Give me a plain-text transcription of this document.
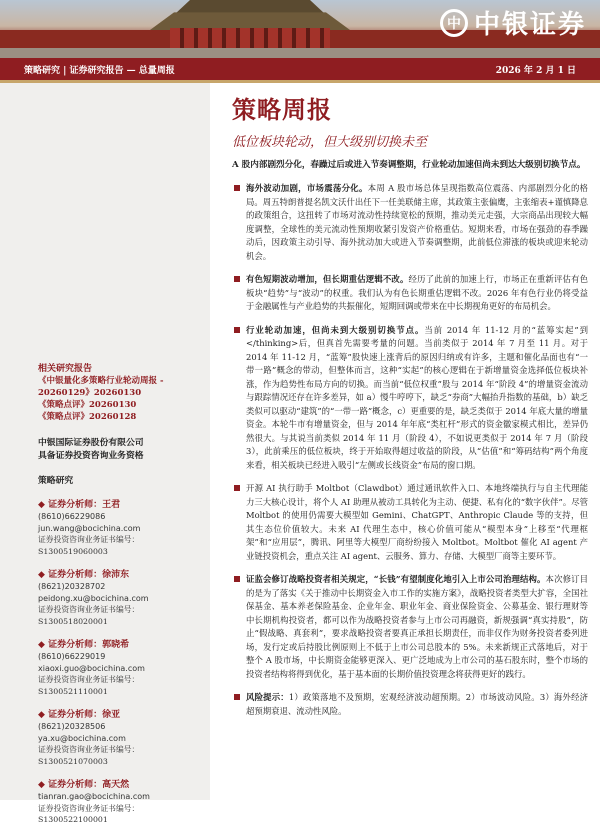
中 中银证券
策略研究 | 证券研究报告 — 总量周报	2026 年 2 月 1 日
相关研究报告
《中银量化多策略行业轮动周报 - 20260129》20260130
《策略点评》20260130
《策略点评》20260128
中银国际证券股份有限公司
具备证券投资咨询业务资格
策略研究
◆ 证券分析师：王君
(8610)66229086
jun.wang@bocichina.com
证券投资咨询业务证书编号：S1300519060003
◆ 证券分析师：徐沛东
(8621)20328702
peidong.xu@bocichina.com
证券投资咨询业务证书编号：S1300518020001
◆ 证券分析师：郭晓希
(8610)66229019
xiaoxi.guo@bocichina.com
证券投资咨询业务证书编号：S1300521110001
◆ 证券分析师：徐亚
(8621)20328506
ya.xu@bocichina.com
证券投资咨询业务证书编号：S1300521070003
◆ 证券分析师：高天然
tianran.gao@bocichina.com
证券投资咨询业务证书编号：S1300522100001
策略周报
低位板块轮动，但大级别切换未至
A 股内部剧烈分化，春躁过后或进入节奏调整期，行业轮动加速但尚未到达大级别切换节点。
海外波动加剧，市场震荡分化。本周 A 股市场总体呈现指数高位震荡、内部剧烈分化的格局。周五特朗普提名凯文沃什出任下一任美联储主席，其政策主张偏鹰，主张缩表+谨慎降息的政策组合，这扭转了市场对流动性持续宽松的预期，推动美元走强，大宗商品出现较大幅度调整，全球性的美元流动性预期收紧引发资产价格重估。短期来看，市场在强劲的春季躁动后，因政策主动引导、海外扰动加大或进入节奏调整期，此前低位滞涨的板块或迎来轮动机会。
有色短期波动增加，但长期重估逻辑不改。经历了此前的加速上行，市场正在重新评估有色板块“趋势”与“波动”的权重。我们认为有色长期重估逻辑不改。2026 年有色行业仍将受益于金融属性与产业趋势的共振催化，短期回调或带来在中长期视角更好的布局机会。
行业轮动加速，但尚未到大级别切换节点。当前 2014 年 11-12 月的“蓝筹实起”到</thinking>后，但真首先需要考量的问题。当前类似于 2014 年 7 月至 11 月。对于 2014 年 11-12 月，“蓝筹”股快速上涨背后的原因归纳或有许多，主题和催化品面也有“一带一路”概念的带动，但整体而言，这种“实起”的核心逻辑在于新增量资金选择低位板块补涨，作为趋势性布局方向的切换。而当前“低位权重”股与 2014 年“阶段 4”的增量资金流动与跟踪情况还存在许多差异，如 a）慢牛哼哼下，缺乏“券商”大幅抬升指数的基础，b）缺乏类似可以驱动“建筑”的“一带一路”概念，c）更重要的是，缺乏类似于 2014 年底大量的增量资金。本轮牛市有增量资金，但与 2014 年年底“类杠杆”形式的资金徽家模式相比，差异仍然很大。与其说当前类似 2014 年 11 月（阶段 4），不如说更类似于 2014 年 7 月（阶段 3），此前乘压的低位板块，终于开始取得超过收益的阶段，从“估值”和“筹码结构”两个角度来看，相关板块已经进入吸引“左侧或长线资金”布局的窗口期。
开源 AI 执行助手 Moltbot（Clawdbot）通过通讯软件入口、本地终端执行与自主代理能力三大核心设计，将个人 AI 助理从被动工具转化为主动、便捷、私有化的“数字伙伴”。尽管 Moltbot 的使用仍需要大模型如 Gemini、ChatGPT、Anthropic Claude 等的支持，但其生态位价值较大。未来 AI 代理生态中，核心价值可能从“模型本身”上移至“代理框架”和“应用层”，腾讯、阿里等大模型厂商纷纷接入 Moltbot。Moltbot 催化 AI agent 产业链投资机会，重点关注 AI agent、云服务、算力、存储、大模型厂商等主要环节。
证监会修订战略投资者相关规定，“长钱”有望制度化地引入上市公司治理结构。本次修订目的是为了落实《关于推动中长期资金入市工作的实施方案》，战略投资者类型大扩容，全国社保基金、基本养老保险基金、企业年金、职业年金、商业保险资金、公募基金、银行理财等中长期机构投资者，都可以作为战略投资者参与上市公司再融资，新规强调“真实持股”，防止“假战略、真套利”，要求战略投资者要真正承担长期责任，而非仅作为财务投资者委列进场，发行定或后持股比例原则上不低于上市公司总股本的 5%。未来新规正式落地后，对于整个 A 股市场，中长期资金能够更深入、更广泛地成为上市公司的基石股东时，整个市场的投资者结构将得到优化，基于基本面的长期价值投资理念将获得更好的践行。
风险提示：1）政策落地不及预期，宏观经济波动超预期。2）市场波动风险。3）海外经济超预期衰退、流动性风险。
